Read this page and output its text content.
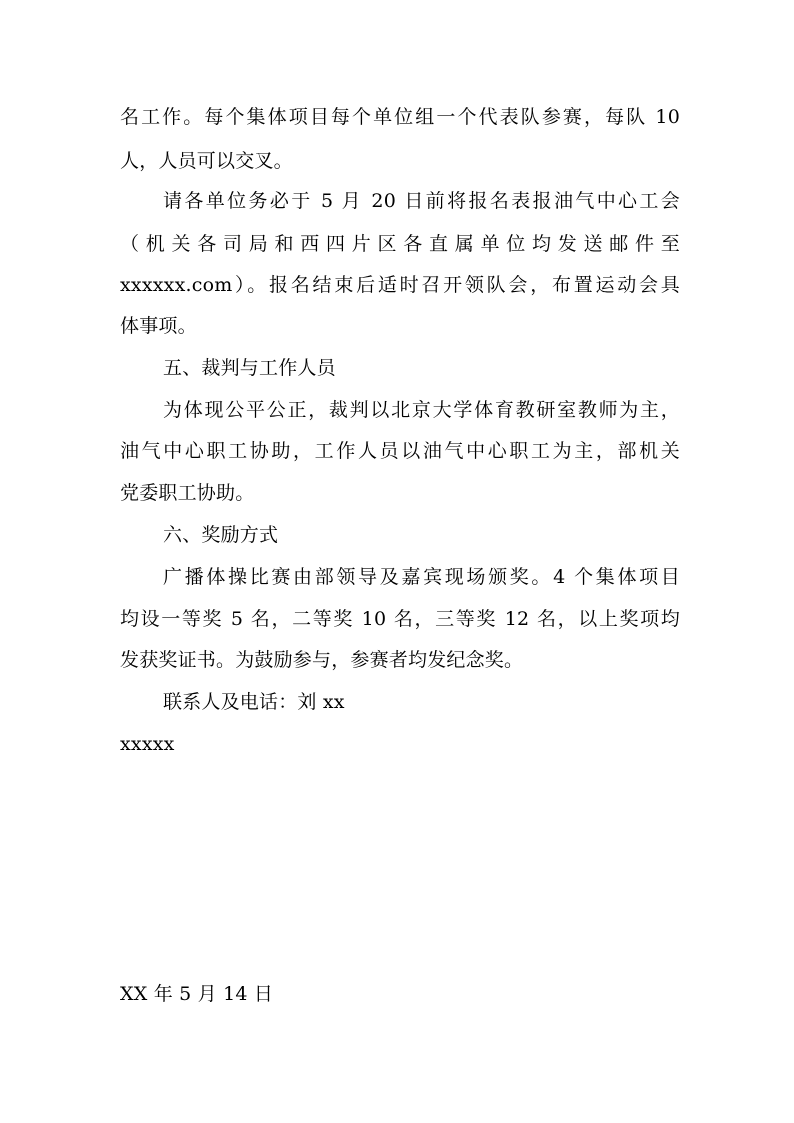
名工作。每个集体项目每个单位组一个代表队参赛，每队 10
人，人员可以交叉。
请各单位务必于 5 月 20 日前将报名表报油气中心工会
（机关各司局和西四片区各直属单位均发送邮件至
xxxxxx.com）。报名结束后适时召开领队会，布置运动会具
体事项。
五、裁判与工作人员
为体现公平公正，裁判以北京大学体育教研室教师为主，
油气中心职工协助，工作人员以油气中心职工为主，部机关
党委职工协助。
六、奖励方式
广播体操比赛由部领导及嘉宾现场颁奖。4 个集体项目
均设一等奖 5 名，二等奖 10 名，三等奖 12 名，以上奖项均
发获奖证书。为鼓励参与，参赛者均发纪念奖。
联系人及电话：刘 xx
xxxxx
XX 年 5 月 14 日
